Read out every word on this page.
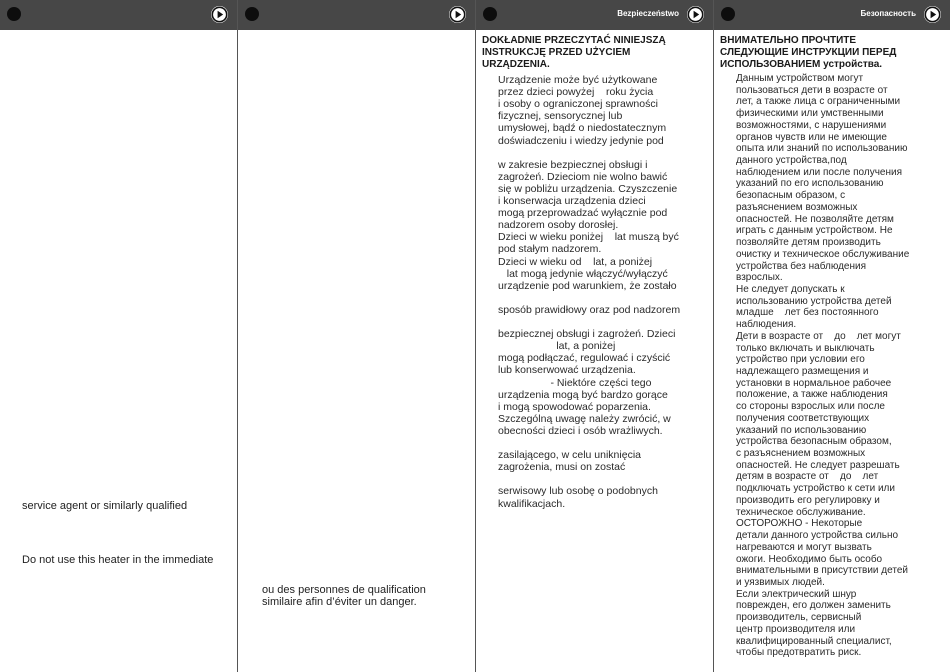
service agent or similarly qualified
Do not use this heater in the immediate
ou des personnes de qualification
similaire afin d’éviter un danger.
Bezpieczeństwo
DOKŁADNIE PRZECZYTAĆ NINIEJSZĄ
INSTRUKCJĘ PRZED UŻYCIEM
URZĄDZENIA.
Urządzenie może być użytkowane
przez dzieci powyżej    roku życia
i osoby o ograniczonej sprawności
fizycznej, sensorycznej lub
umysłowej, bądź o niedostatecznym
doświadczeniu i wiedzy jedynie pod
w zakresie bezpiecznej obsługi i
zagrożeń. Dzieciom nie wolno bawić
się w pobliżu urządzenia. Czyszczenie
i konserwacja urządzenia dzieci
mogą przeprowadzać wyłącznie pod
nadzorem osoby dorosłej.
Dzieci w wieku poniżej    lat muszą być
pod stałym nadzorem.
Dzieci w wieku od    lat, a poniżej
lat mogą jedynie włączyć/wyłączyć
urządzenie pod warunkiem, że zostało
sposób prawidłowy oraz pod nadzorem
bezpiecznej obsługi i zagrożeń. Dzieci
lat, a poniżej
mogą podłączać, regulować i czyścić
lub konserwować urządzenia.
- Niektóre części tego
urządzenia mogą być bardzo gorące
i mogą spowodować poparzenia.
Szczególną uwagę należy zwrócić, w
obecności dzieci i osób wrażliwych.
zasilającego, w celu uniknięcia
zagrożenia, musi on zostać
serwisowy lub osobę o podobnych
kwalifikacjach.
Безопасность
ВНИМАТЕЛЬНО ПРОЧТИТЕ
СЛЕДУЮЩИЕ ИНСТРУКЦИИ ПЕРЕД
ИСПОЛЬЗОВАНИЕМ устройства.
Данным устройством могут
пользоваться дети в возрасте от
лет, а также лица с ограниченными
физическими или умственными
возможностями, с нарушениями
органов чувств или не имеющие
опыта или знаний по использованию
данного устройства,под
наблюдением или после получения
указаний по его использованию
безопасным образом, с
разъяснением возможных
опасностей. Не позволяйте детям
играть с данным устройством. Не
позволяйте детям производить
очистку и техническое обслуживание
устройства без наблюдения
взрослых.
Не следует допускать к
использованию устройства детей
младше    лет без постоянного
наблюдения.
Дети в возрасте от    до    лет могут
только включать и выключать
устройство при условии его
надлежащего размещения и
установки в нормальное рабочее
положение, а также наблюдения
со стороны взрослых или после
получения соответствующих
указаний по использованию
устройства безопасным образом,
с разъяснением возможных
опасностей. Не следует разрешать
детям в возрасте от    до    лет
подключать устройство к сети или
производить его регулировку и
техническое обслуживание.
ОСТОРОЖНО - Некоторые
детали данного устройства сильно
нагреваются и могут вызвать
ожоги. Необходимо быть особо
внимательными в присутствии детей
и уязвимых людей.
Если электрический шнур
поврежден, его должен заменить
производитель, сервисный
центр производителя или
квалифицированный специалист,
чтобы предотвратить риск.
